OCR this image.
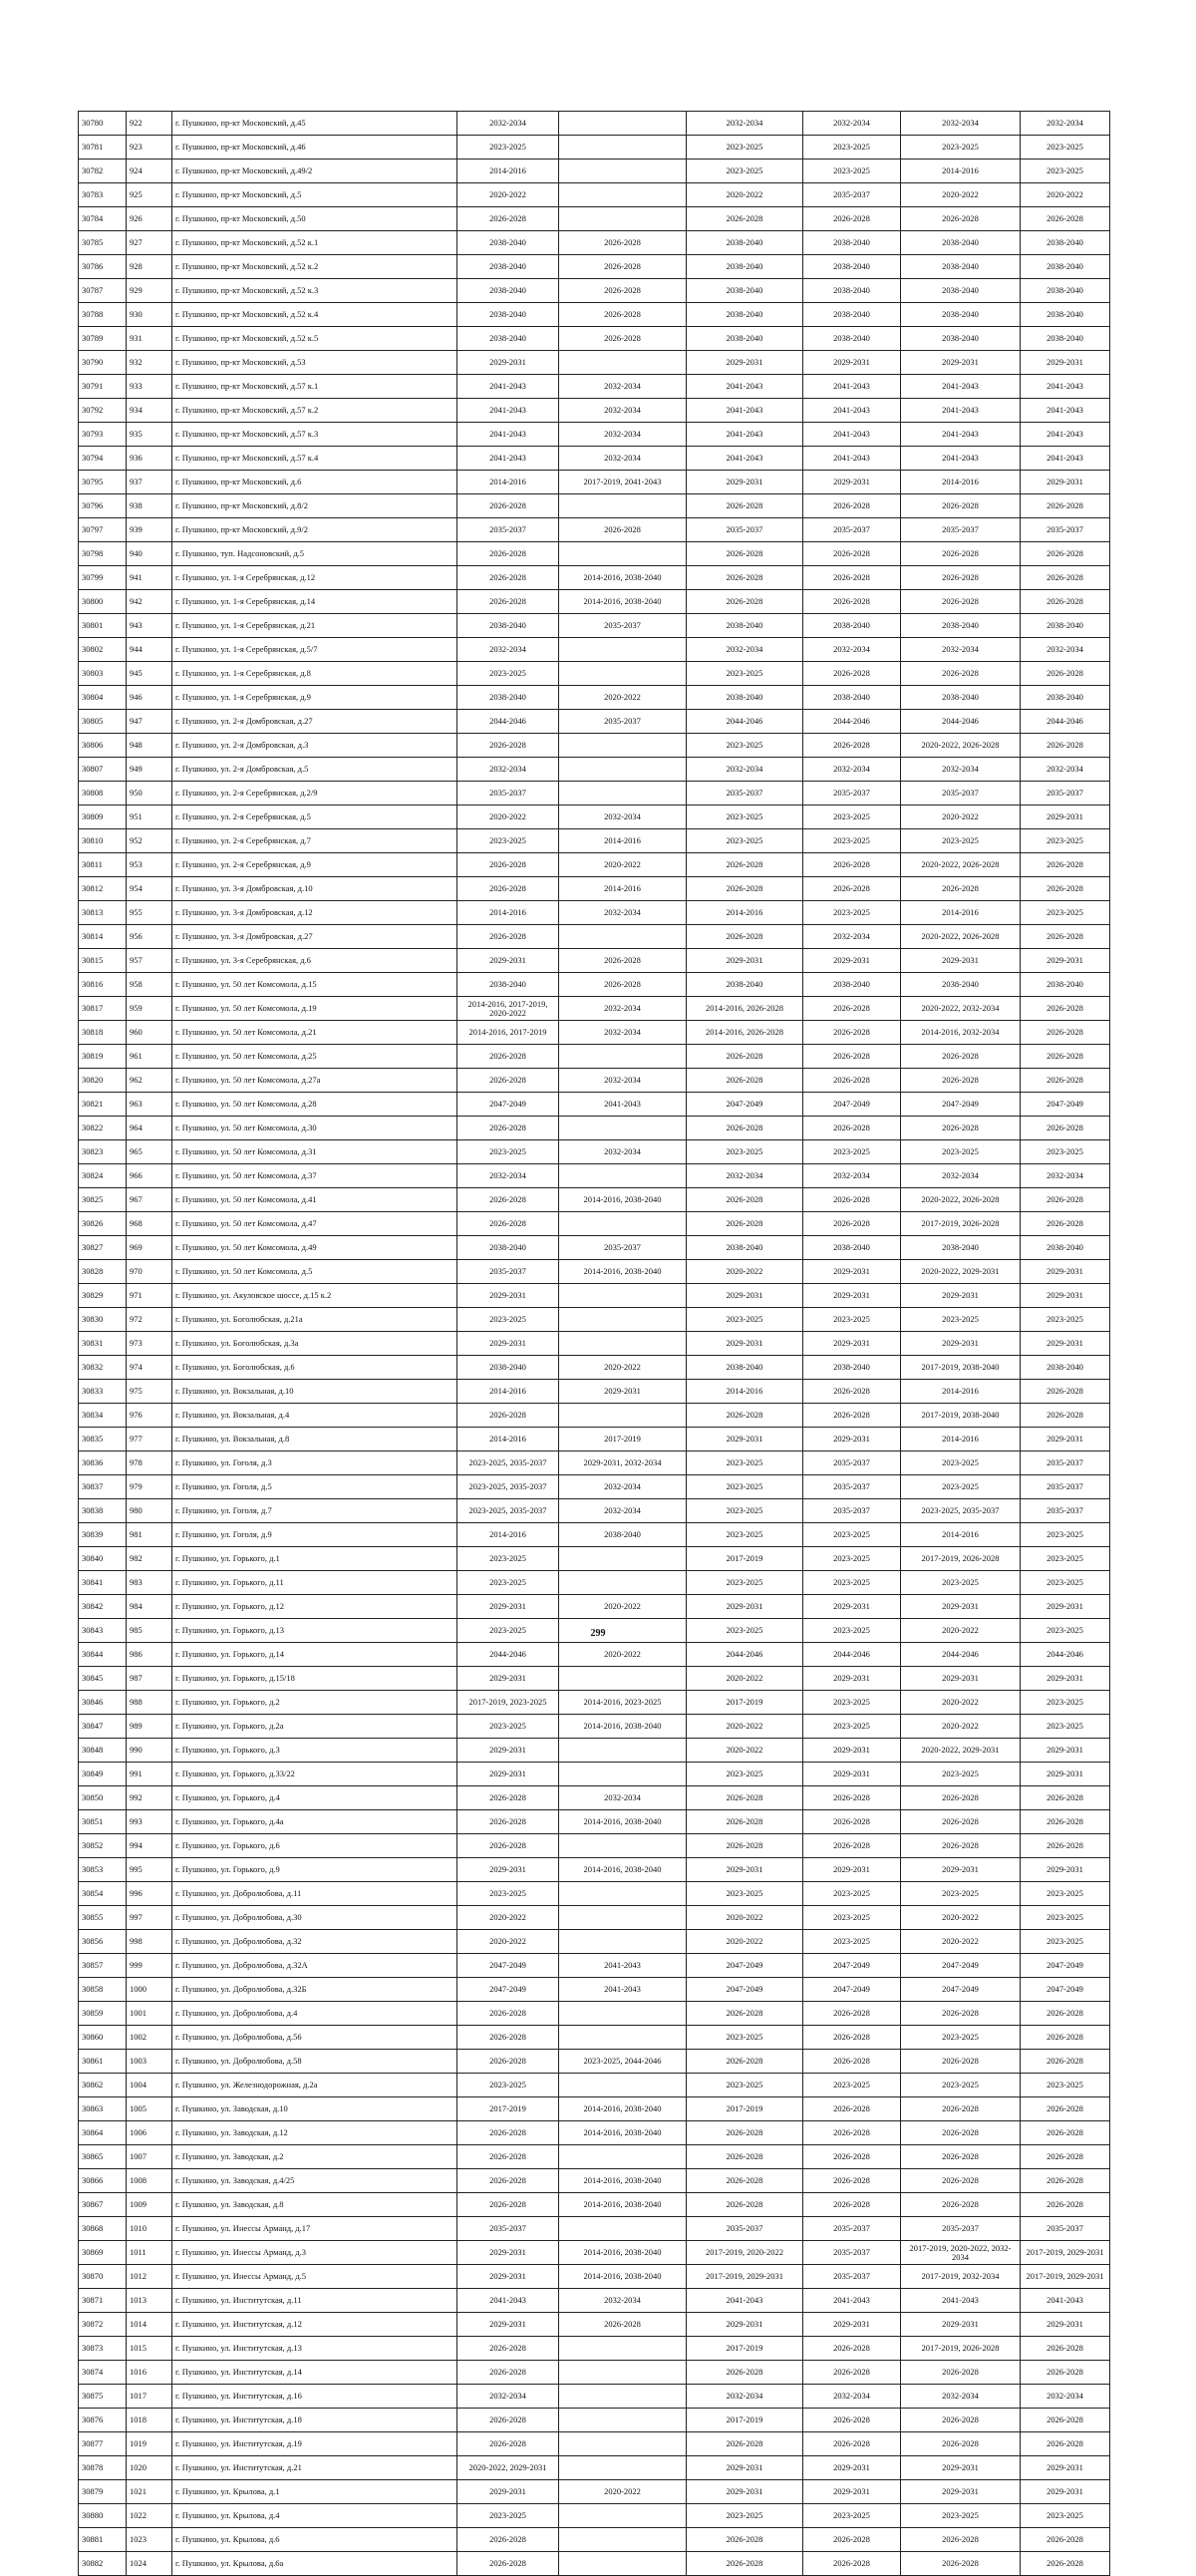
30780	922	г. Пушкино, пр-кт Московский, д.45	2032-2034		2032-2034	2032-2034	2032-2034	2032-2034
30781	923	г. Пушкино, пр-кт Московский, д.46	2023-2025		2023-2025	2023-2025	2023-2025	2023-2025
30782	924	г. Пушкино, пр-кт Московский, д.49/2	2014-2016		2023-2025	2023-2025	2014-2016	2023-2025
30783	925	г. Пушкино, пр-кт Московский, д.5	2020-2022		2020-2022	2035-2037	2020-2022	2020-2022
30784	926	г. Пушкино, пр-кт Московский, д.50	2026-2028		2026-2028	2026-2028	2026-2028	2026-2028
30785	927	г. Пушкино, пр-кт Московский, д.52 к.1	2038-2040	2026-2028	2038-2040	2038-2040	2038-2040	2038-2040
30786	928	г. Пушкино, пр-кт Московский, д.52 к.2	2038-2040	2026-2028	2038-2040	2038-2040	2038-2040	2038-2040
30787	929	г. Пушкино, пр-кт Московский, д.52 к.3	2038-2040	2026-2028	2038-2040	2038-2040	2038-2040	2038-2040
30788	930	г. Пушкино, пр-кт Московский, д.52 к.4	2038-2040	2026-2028	2038-2040	2038-2040	2038-2040	2038-2040
30789	931	г. Пушкино, пр-кт Московский, д.52 к.5	2038-2040	2026-2028	2038-2040	2038-2040	2038-2040	2038-2040
30790	932	г. Пушкино, пр-кт Московский, д.53	2029-2031		2029-2031	2029-2031	2029-2031	2029-2031
30791	933	г. Пушкино, пр-кт Московский, д.57 к.1	2041-2043	2032-2034	2041-2043	2041-2043	2041-2043	2041-2043
30792	934	г. Пушкино, пр-кт Московский, д.57 к.2	2041-2043	2032-2034	2041-2043	2041-2043	2041-2043	2041-2043
30793	935	г. Пушкино, пр-кт Московский, д.57 к.3	2041-2043	2032-2034	2041-2043	2041-2043	2041-2043	2041-2043
30794	936	г. Пушкино, пр-кт Московский, д.57 к.4	2041-2043	2032-2034	2041-2043	2041-2043	2041-2043	2041-2043
30795	937	г. Пушкино, пр-кт Московский, д.6	2014-2016	2017-2019, 2041-2043	2029-2031	2029-2031	2014-2016	2029-2031
30796	938	г. Пушкино, пр-кт Московский, д.8/2	2026-2028		2026-2028	2026-2028	2026-2028	2026-2028
30797	939	г. Пушкино, пр-кт Московский, д.9/2	2035-2037	2026-2028	2035-2037	2035-2037	2035-2037	2035-2037
30798	940	г. Пушкино, туп. Надсоновский, д.5	2026-2028		2026-2028	2026-2028	2026-2028	2026-2028
30799	941	г. Пушкино, ул. 1-я Серебрянская, д.12	2026-2028	2014-2016, 2038-2040	2026-2028	2026-2028	2026-2028	2026-2028
30800	942	г. Пушкино, ул. 1-я Серебрянская, д.14	2026-2028	2014-2016, 2038-2040	2026-2028	2026-2028	2026-2028	2026-2028
30801	943	г. Пушкино, ул. 1-я Серебрянская, д.21	2038-2040	2035-2037	2038-2040	2038-2040	2038-2040	2038-2040
30802	944	г. Пушкино, ул. 1-я Серебрянская, д.5/7	2032-2034		2032-2034	2032-2034	2032-2034	2032-2034
30803	945	г. Пушкино, ул. 1-я Серебрянская, д.8	2023-2025		2023-2025	2026-2028	2026-2028	2026-2028
30804	946	г. Пушкино, ул. 1-я Серебрянская, д.9	2038-2040	2020-2022	2038-2040	2038-2040	2038-2040	2038-2040
30805	947	г. Пушкино, ул. 2-я Домбровская, д.27	2044-2046	2035-2037	2044-2046	2044-2046	2044-2046	2044-2046
30806	948	г. Пушкино, ул. 2-я Домбровская, д.3	2026-2028		2023-2025	2026-2028	2020-2022, 2026-2028	2026-2028
30807	949	г. Пушкино, ул. 2-я Домбровская, д.5	2032-2034		2032-2034	2032-2034	2032-2034	2032-2034
30808	950	г. Пушкино, ул. 2-я Серебрянская, д.2/9	2035-2037		2035-2037	2035-2037	2035-2037	2035-2037
30809	951	г. Пушкино, ул. 2-я Серебрянская, д.5	2020-2022	2032-2034	2023-2025	2023-2025	2020-2022	2029-2031
30810	952	г. Пушкино, ул. 2-я Серебрянская, д.7	2023-2025	2014-2016	2023-2025	2023-2025	2023-2025	2023-2025
30811	953	г. Пушкино, ул. 2-я Серебрянская, д.9	2026-2028	2020-2022	2026-2028	2026-2028	2020-2022, 2026-2028	2026-2028
30812	954	г. Пушкино, ул. 3-я Домбровская, д.10	2026-2028	2014-2016	2026-2028	2026-2028	2026-2028	2026-2028
30813	955	г. Пушкино, ул. 3-я Домбровская, д.12	2014-2016	2032-2034	2014-2016	2023-2025	2014-2016	2023-2025
30814	956	г. Пушкино, ул. 3-я Домбровская, д.27	2026-2028		2026-2028	2032-2034	2020-2022, 2026-2028	2026-2028
30815	957	г. Пушкино, ул. 3-я Серебрянская, д.6	2029-2031	2026-2028	2029-2031	2029-2031	2029-2031	2029-2031
30816	958	г. Пушкино, ул. 50 лет Комсомола, д.15	2038-2040	2026-2028	2038-2040	2038-2040	2038-2040	2038-2040
30817	959	г. Пушкино, ул. 50 лет Комсомола, д.19	2014-2016, 2017-2019, 2020-2022	2032-2034	2014-2016, 2026-2028	2026-2028	2020-2022, 2032-2034	2026-2028
30818	960	г. Пушкино, ул. 50 лет Комсомола, д.21	2014-2016, 2017-2019	2032-2034	2014-2016, 2026-2028	2026-2028	2014-2016, 2032-2034	2026-2028
30819	961	г. Пушкино, ул. 50 лет Комсомола, д.25	2026-2028		2026-2028	2026-2028	2026-2028	2026-2028
30820	962	г. Пушкино, ул. 50 лет Комсомола, д.27а	2026-2028	2032-2034	2026-2028	2026-2028	2026-2028	2026-2028
30821	963	г. Пушкино, ул. 50 лет Комсомола, д.28	2047-2049	2041-2043	2047-2049	2047-2049	2047-2049	2047-2049
30822	964	г. Пушкино, ул. 50 лет Комсомола, д.30	2026-2028		2026-2028	2026-2028	2026-2028	2026-2028
30823	965	г. Пушкино, ул. 50 лет Комсомола, д.31	2023-2025	2032-2034	2023-2025	2023-2025	2023-2025	2023-2025
30824	966	г. Пушкино, ул. 50 лет Комсомола, д.37	2032-2034		2032-2034	2032-2034	2032-2034	2032-2034
30825	967	г. Пушкино, ул. 50 лет Комсомола, д.41	2026-2028	2014-2016, 2038-2040	2026-2028	2026-2028	2020-2022, 2026-2028	2026-2028
30826	968	г. Пушкино, ул. 50 лет Комсомола, д.47	2026-2028		2026-2028	2026-2028	2017-2019, 2026-2028	2026-2028
30827	969	г. Пушкино, ул. 50 лет Комсомола, д.49	2038-2040	2035-2037	2038-2040	2038-2040	2038-2040	2038-2040
30828	970	г. Пушкино, ул. 50 лет Комсомола, д.5	2035-2037	2014-2016, 2038-2040	2020-2022	2029-2031	2020-2022, 2029-2031	2029-2031
30829	971	г. Пушкино, ул. Акуловское шоссе, д.15 к.2	2029-2031		2029-2031	2029-2031	2029-2031	2029-2031
30830	972	г. Пушкино, ул. Боголюбская, д.21а	2023-2025		2023-2025	2023-2025	2023-2025	2023-2025
30831	973	г. Пушкино, ул. Боголюбская, д.3а	2029-2031		2029-2031	2029-2031	2029-2031	2029-2031
30832	974	г. Пушкино, ул. Боголюбская, д.6	2038-2040	2020-2022	2038-2040	2038-2040	2017-2019, 2038-2040	2038-2040
30833	975	г. Пушкино, ул. Вокзальная, д.10	2014-2016	2029-2031	2014-2016	2026-2028	2014-2016	2026-2028
30834	976	г. Пушкино, ул. Вокзальная, д.4	2026-2028		2026-2028	2026-2028	2017-2019, 2038-2040	2026-2028
30835	977	г. Пушкино, ул. Вокзальная, д.8	2014-2016	2017-2019	2029-2031	2029-2031	2014-2016	2029-2031
30836	978	г. Пушкино, ул. Гоголя, д.3	2023-2025, 2035-2037	2029-2031, 2032-2034	2023-2025	2035-2037	2023-2025	2035-2037
30837	979	г. Пушкино, ул. Гоголя, д.5	2023-2025, 2035-2037	2032-2034	2023-2025	2035-2037	2023-2025	2035-2037
30838	980	г. Пушкино, ул. Гоголя, д.7	2023-2025, 2035-2037	2032-2034	2023-2025	2035-2037	2023-2025, 2035-2037	2035-2037
30839	981	г. Пушкино, ул. Гоголя, д.9	2014-2016	2038-2040	2023-2025	2023-2025	2014-2016	2023-2025
30840	982	г. Пушкино, ул. Горького, д.1	2023-2025		2017-2019	2023-2025	2017-2019, 2026-2028	2023-2025
30841	983	г. Пушкино, ул. Горького, д.11	2023-2025		2023-2025	2023-2025	2023-2025	2023-2025
30842	984	г. Пушкино, ул. Горького, д.12	2029-2031	2020-2022	2029-2031	2029-2031	2029-2031	2029-2031
30843	985	г. Пушкино, ул. Горького, д.13	2023-2025		2023-2025	2023-2025	2020-2022	2023-2025
30844	986	г. Пушкино, ул. Горького, д.14	2044-2046	2020-2022	2044-2046	2044-2046	2044-2046	2044-2046
30845	987	г. Пушкино, ул. Горького, д.15/18	2029-2031		2020-2022	2029-2031	2029-2031	2029-2031
30846	988	г. Пушкино, ул. Горького, д.2	2017-2019, 2023-2025	2014-2016, 2023-2025	2017-2019	2023-2025	2020-2022	2023-2025
30847	989	г. Пушкино, ул. Горького, д.2а	2023-2025	2014-2016, 2038-2040	2020-2022	2023-2025	2020-2022	2023-2025
30848	990	г. Пушкино, ул. Горького, д.3	2029-2031		2020-2022	2029-2031	2020-2022, 2029-2031	2029-2031
30849	991	г. Пушкино, ул. Горького, д.33/22	2029-2031		2023-2025	2029-2031	2023-2025	2029-2031
30850	992	г. Пушкино, ул. Горького, д.4	2026-2028	2032-2034	2026-2028	2026-2028	2026-2028	2026-2028
30851	993	г. Пушкино, ул. Горького, д.4а	2026-2028	2014-2016, 2038-2040	2026-2028	2026-2028	2026-2028	2026-2028
30852	994	г. Пушкино, ул. Горького, д.6	2026-2028		2026-2028	2026-2028	2026-2028	2026-2028
30853	995	г. Пушкино, ул. Горького, д.9	2029-2031	2014-2016, 2038-2040	2029-2031	2029-2031	2029-2031	2029-2031
30854	996	г. Пушкино, ул. Добролюбова, д.11	2023-2025		2023-2025	2023-2025	2023-2025	2023-2025
30855	997	г. Пушкино, ул. Добролюбова, д.30	2020-2022		2020-2022	2023-2025	2020-2022	2023-2025
30856	998	г. Пушкино, ул. Добролюбова, д.32	2020-2022		2020-2022	2023-2025	2020-2022	2023-2025
30857	999	г. Пушкино, ул. Добролюбова, д.32А	2047-2049	2041-2043	2047-2049	2047-2049	2047-2049	2047-2049
30858	1000	г. Пушкино, ул. Добролюбова, д.32Б	2047-2049	2041-2043	2047-2049	2047-2049	2047-2049	2047-2049
30859	1001	г. Пушкино, ул. Добролюбова, д.4	2026-2028		2026-2028	2026-2028	2026-2028	2026-2028
30860	1002	г. Пушкино, ул. Добролюбова, д.56	2026-2028		2023-2025	2026-2028	2023-2025	2026-2028
30861	1003	г. Пушкино, ул. Добролюбова, д.58	2026-2028	2023-2025, 2044-2046	2026-2028	2026-2028	2026-2028	2026-2028
30862	1004	г. Пушкино, ул. Железнодорожная, д.2а	2023-2025		2023-2025	2023-2025	2023-2025	2023-2025
30863	1005	г. Пушкино, ул. Заводская, д.10	2017-2019	2014-2016, 2038-2040	2017-2019	2026-2028	2026-2028	2026-2028
30864	1006	г. Пушкино, ул. Заводская, д.12	2026-2028	2014-2016, 2038-2040	2026-2028	2026-2028	2026-2028	2026-2028
30865	1007	г. Пушкино, ул. Заводская, д.2	2026-2028		2026-2028	2026-2028	2026-2028	2026-2028
30866	1008	г. Пушкино, ул. Заводская, д.4/25	2026-2028	2014-2016, 2038-2040	2026-2028	2026-2028	2026-2028	2026-2028
30867	1009	г. Пушкино, ул. Заводская, д.8	2026-2028	2014-2016, 2038-2040	2026-2028	2026-2028	2026-2028	2026-2028
30868	1010	г. Пушкино, ул. Инессы Арманд, д.17	2035-2037		2035-2037	2035-2037	2035-2037	2035-2037
30869	1011	г. Пушкино, ул. Инессы Арманд, д.3	2029-2031	2014-2016, 2038-2040	2017-2019, 2020-2022	2035-2037	2017-2019, 2020-2022, 2032-2034	2017-2019, 2029-2031
30870	1012	г. Пушкино, ул. Инессы Арманд, д.5	2029-2031	2014-2016, 2038-2040	2017-2019, 2029-2031	2035-2037	2017-2019, 2032-2034	2017-2019, 2029-2031
30871	1013	г. Пушкино, ул. Институтская, д.11	2041-2043	2032-2034	2041-2043	2041-2043	2041-2043	2041-2043
30872	1014	г. Пушкино, ул. Институтская, д.12	2029-2031	2026-2028	2029-2031	2029-2031	2029-2031	2029-2031
30873	1015	г. Пушкино, ул. Институтская, д.13	2026-2028		2017-2019	2026-2028	2017-2019, 2026-2028	2026-2028
30874	1016	г. Пушкино, ул. Институтская, д.14	2026-2028		2026-2028	2026-2028	2026-2028	2026-2028
30875	1017	г. Пушкино, ул. Институтская, д.16	2032-2034		2032-2034	2032-2034	2032-2034	2032-2034
30876	1018	г. Пушкино, ул. Институтская, д.18	2026-2028		2017-2019	2026-2028	2026-2028	2026-2028
30877	1019	г. Пушкино, ул. Институтская, д.19	2026-2028		2026-2028	2026-2028	2026-2028	2026-2028
30878	1020	г. Пушкино, ул. Институтская, д.21	2020-2022, 2029-2031		2029-2031	2029-2031	2029-2031	2029-2031
30879	1021	г. Пушкино, ул. Крылова, д.1	2029-2031	2020-2022	2029-2031	2029-2031	2029-2031	2029-2031
30880	1022	г. Пушкино, ул. Крылова, д.4	2023-2025		2023-2025	2023-2025	2023-2025	2023-2025
30881	1023	г. Пушкино, ул. Крылова, д.6	2026-2028		2026-2028	2026-2028	2026-2028	2026-2028
30882	1024	г. Пушкино, ул. Крылова, д.6а	2026-2028		2026-2028	2026-2028	2026-2028	2026-2028
299
